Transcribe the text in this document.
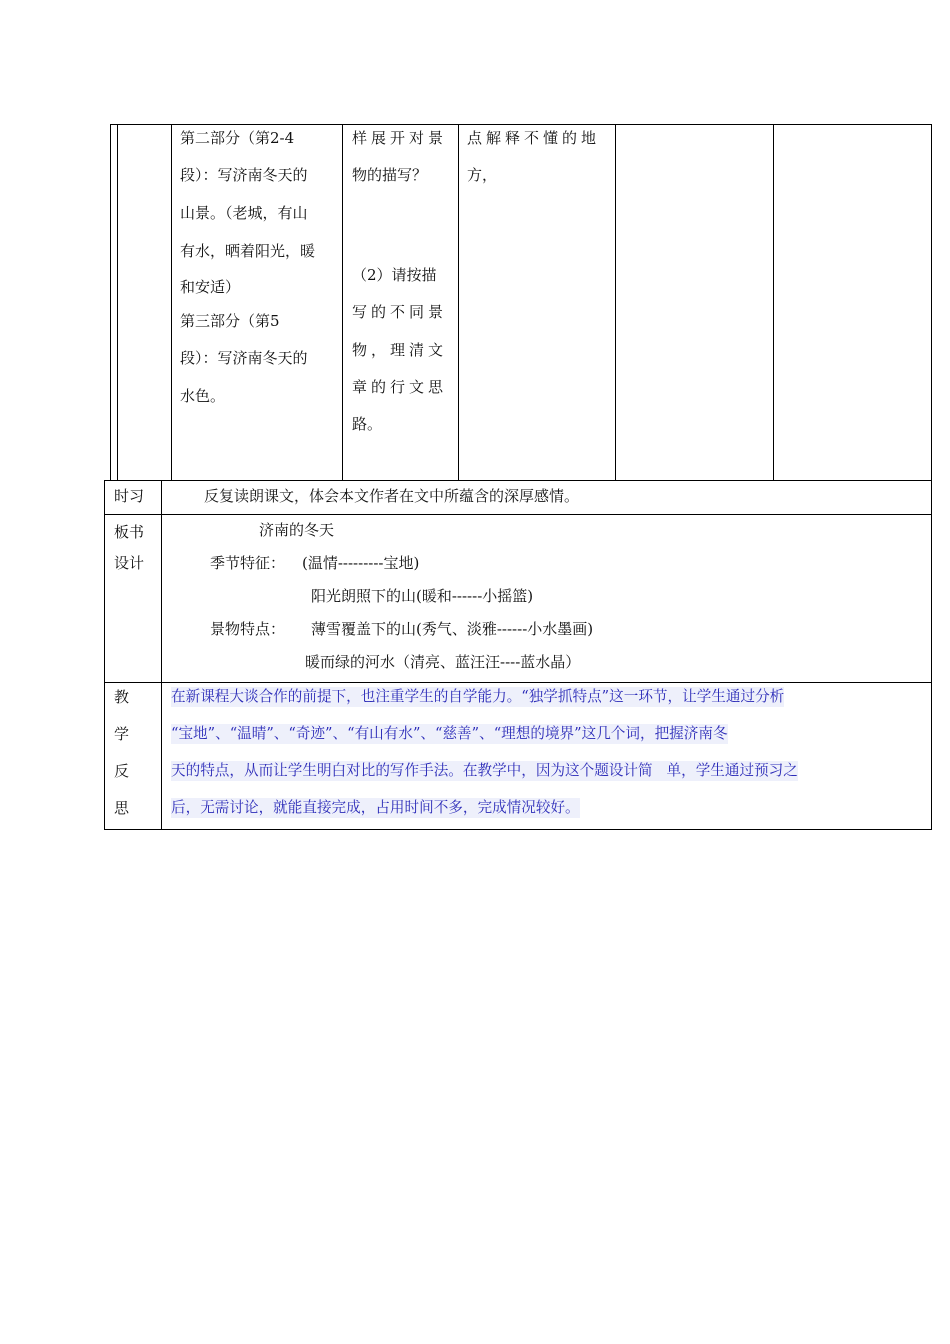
第二部分（第2-4
段）：写济南冬天的
山景。（老城，有山
有水，晒着阳光，暖
和安适）
第三部分（第5
段）：写济南冬天的
水色。
样展开对景
物的描写？
（2）请按描
写的不同景
物，理清文
章的行文思
路。
点解释不懂的地
方，
时习	反复读朗课文，体会本文作者在文中所蕴含的深厚感情。
板书
设计
济南的冬天
季节特征： (温情---------宝地)
阳光朗照下的山(暖和------小摇篮)
景物特点： 薄雪覆盖下的山(秀气、淡雅------小水墨画)
暖而绿的河水（清亮、蓝汪汪----蓝水晶）
教
学
反
思
在新课程大谈合作的前提下，也注重学生的自学能力。“独学抓特点”这一环节，让学生通过分析
“宝地”、“温晴”、“奇迹”、“有山有水”、“慈善”、“理想的境界”这几个词，把握济南冬
天的特点，从而让学生明白对比的写作手法。在教学中，因为这个题设计简   单，学生通过预习之
后，无需讨论，就能直接完成，占用时间不多，完成情况较好。
